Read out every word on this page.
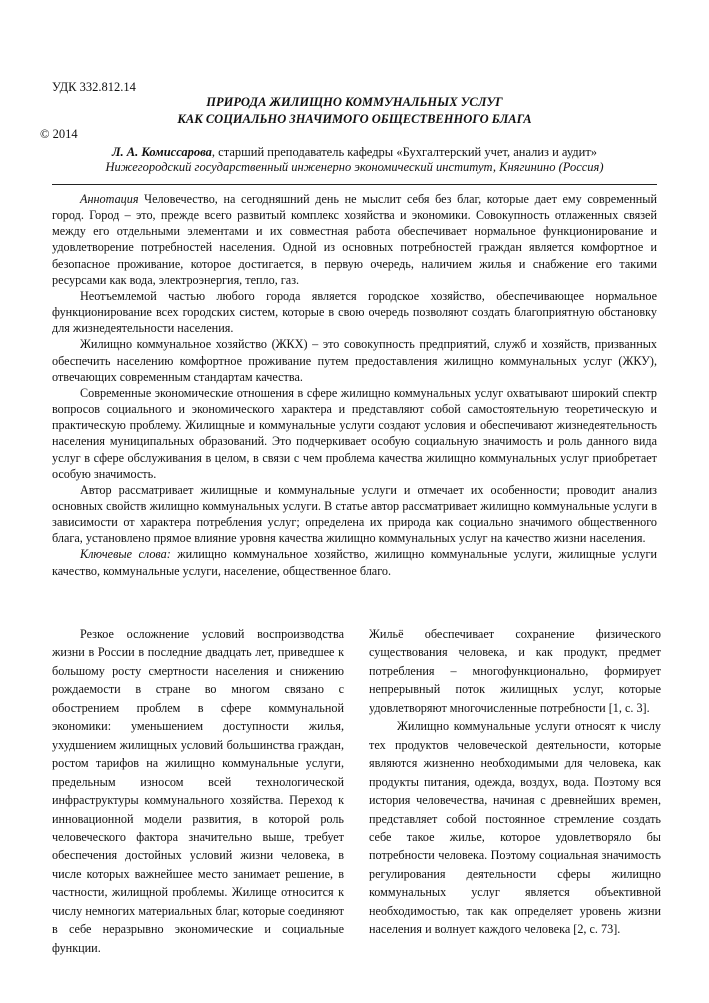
УДК 332.812.14
ПРИРОДА ЖИЛИЩНО КОММУНАЛЬНЫХ УСЛУГ
КАК СОЦИАЛЬНО ЗНАЧИМОГО ОБЩЕСТВЕННОГО БЛАГА
© 2014
Л. А. Комиссарова, старший преподаватель кафедры «Бухгалтерский учет, анализ и аудит»
Нижегородский государственный инженерно экономический институт, Княгинино (Россия)

Аннотация Человечество, на сегодняшний день не мыслит себя без благ, которые дает ему современный город. Город – это, прежде всего развитый комплекс хозяйства и экономики. Совокупность отлаженных связей между его отдельными элементами и их совместная работа обеспечивает нормальное функционирование и удовлетворение потребностей населения. Одной из основных потребностей граждан является комфортное и безопасное проживание, которое достигается, в первую очередь, наличием жилья и снабжение его такими ресурсами как вода, электроэнергия, тепло, газ.

Неотъемлемой частью любого города является городское хозяйство, обеспечивающее нормальное функционирование всех городских систем, которые в свою очередь позволяют создать благоприятную обстановку для жизнедеятельности населения.

Жилищно коммунальное хозяйство (ЖКХ) – это совокупность предприятий, служб и хозяйств, призванных обеспечить населению комфортное проживание путем предоставления жилищно коммунальных услуг (ЖКУ), отвечающих современным стандартам качества.

Современные экономические отношения в сфере жилищно коммунальных услуг охватывают широкий спектр вопросов социального и экономического характера и представляют собой самостоятельную теоретическую и практическую проблему. Жилищные и коммунальные услуги создают условия и обеспечивают жизнедеятельность населения муниципальных образований. Это подчеркивает особую социальную значимость и роль данного вида услуг в сфере обслуживания в целом, в связи с чем проблема качества жилищно коммунальных услуг приобретает особую значимость.

Автор рассматривает жилищные и коммунальные услуги и отмечает их особенности; проводит анализ основных свойств жилищно коммунальных услуги. В статье автор рассматривает жилищно коммунальные услуги в зависимости от характера потребления услуг; определена их природа как социально значимого общественного блага, установлено прямое влияние уровня качества жилищно коммунальных услуг на качество жизни населения.

Ключевые слова: жилищно коммунальное хозяйство, жилищно коммунальные услуги, жилищные услуги качество, коммунальные услуги, население, общественное благо.

Резкое осложнение условий воспроизводства жизни в России в последние двадцать лет, приведшее к большому росту смертности населения и снижению рождаемости в стране во многом связано с обострением проблем в сфере коммунальной экономики: уменьшением доступности жилья, ухудшением жилищных условий большинства граждан, ростом тарифов на жилищно коммунальные услуги, предельным износом всей технологической инфраструктуры коммунального хозяйства. Переход к инновационной модели развития, в которой роль человеческого фактора значительно выше, требует обеспечения достойных условий жизни человека, в числе которых важнейшее место занимает решение, в частности, жилищной проблемы. Жилище относится к числу немногих материальных благ, которые соединяют в себе неразрывно экономические и социальные функции.

Жильё обеспечивает сохранение физического существования человека, и как продукт, предмет потребления – многофункционально, формирует непрерывный поток жилищных услуг, которые удовлетворяют многочисленные потребности [1, с. 3].

Жилищно коммунальные услуги относят к числу тех продуктов человеческой деятельности, которые являются жизненно необходимыми для человека, как продукты питания, одежда, воздух, вода. Поэтому вся история человечества, начиная с древнейших времен, представляет собой постоянное стремление создать себе такое жилье, которое удовлетворяло бы потребности человека. Поэтому социальная значимость регулирования деятельности сферы жилищно коммунальных услуг является объективной необходимостью, так как определяет уровень жизни населения и волнует каждого человека [2, с. 73].
